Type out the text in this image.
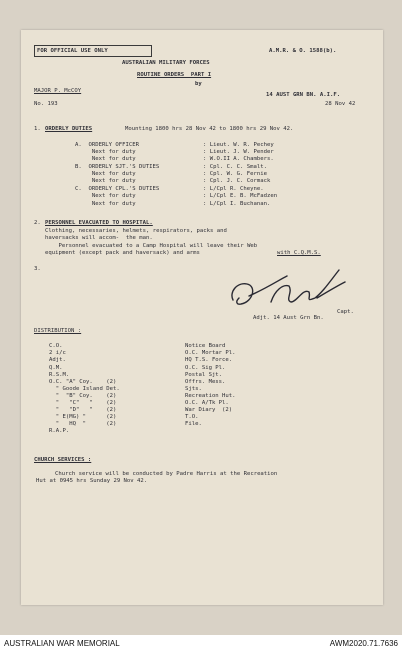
FOR OFFICIAL USE ONLY	A.M.R. & O. 1588(b).
AUSTRALIAN MILITARY FORCES
ROUTINE ORDERS  PART I
by
MAJOR P. McCOY
14 AUST GRN BN. A.I.F.
No. 193	28 Nov 42
1. ORDERLY DUTIES	Mounting 1800 hrs 28 Nov 42 to 1800 hrs 29 Nov 42.
A.  ORDERLY OFFICER	: Lieut. W. R. Pechey
Next for duty	: Lieut. J. W. Pender
Next for duty	: W.O.II A. Chambers.
B.  ORDERLY SJT.'S DUTIES	: Cpl. C. C. Smalt.
Next for duty	: Cpl. W. G. Fernie
Next for duty	: Cpl. J. C. Cormack
C.  ORDERLY CPL.'S DUTIES	: L/Cpl R. Cheyne.
Next for duty	: L/Cpl E. B. McFadzen
Next for duty	: L/Cpl I. Buchanan.
2. PERSONNEL EVACUATED TO HOSPITAL.
Clothing, necessaries, helmets, respirators, packs and
haversacks will accom-  the man.
Personnel evacuated to a Camp Hospital will leave their Web
equipment (except pack and haversack) and arms	with C.Q.M.S.
3.
Capt.
Adjt. 14 Aust Grn Bn.
DISTRIBUTION :
C.O.
2 i/c
Adjt.
Q.M.
R.S.M.
O.C. "A" Coy.    (2)
" Goode Island Det.
"  "B" Coy.    (2)
"   "C"   "    (2)
"   "D"   "    (2)
" E(MG) "      (2)
"   HQ  "      (2)
R.A.P.
Notice Board
O.C. Mortar Pl.
HQ T.S. Force.
O.C. Sig Pl.
Postal Sjt.
Offrs. Mess.
Sjts.
Recreation Hut.
O.C. A/Tk Pl.
War Diary  (2)
T.O.
File.
CHURCH SERVICES :
Church service will be conducted by Padre Harris at the Recreation
Hut at 0945 hrs Sunday 29 Nov 42.
AUSTRALIAN WAR MEMORIAL	AWM2020.71.7636
